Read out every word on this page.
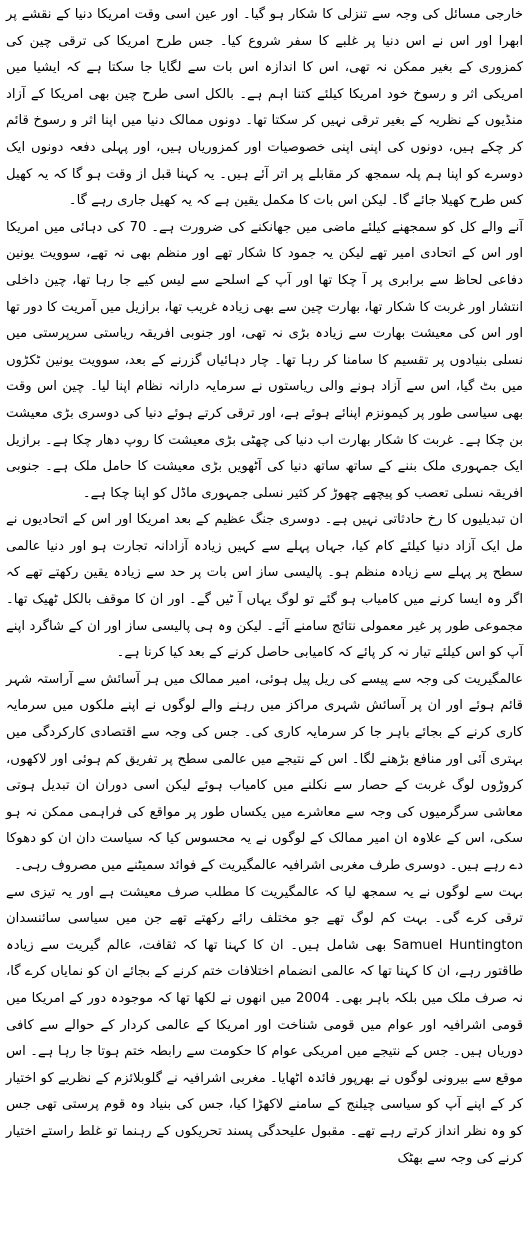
خارجی مسائل کی وجہ سے تنزلی کا شکار ہو گیا۔ اور عین اسی وقت امریکا دنیا کے نقشے پر ابھرا اور اس نے اس دنیا پر غلبے کا سفر شروع کیا۔ جس طرح امریکا کی ترقی چین کی کمزوری کے بغیر ممکن نہ تھی، اس کا اندازہ اس بات سے لگایا جا سکتا ہے کہ ایشیا میں امریکی اثر و رسوخ خود امریکا کیلئے کتنا اہم ہے۔ بالکل اسی طرح چین بھی امریکا کے آزاد منڈیوں کے نظریہ کے بغیر ترقی نہیں کر سکتا تھا۔ دونوں ممالک دنیا میں اپنا اثر و رسوخ قائم کر چکے ہیں، دونوں کی اپنی اپنی خصوصیات اور کمزوریاں ہیں، اور پہلی دفعہ دونوں ایک دوسرے کو اپنا ہم پلہ سمجھ کر مقابلے پر اتر آئے ہیں۔ یہ کہنا قبل از وقت ہو گا کہ یہ کھیل کس طرح کھیلا جائے گا۔ لیکن اس بات کا مکمل یقین ہے کہ یہ کھیل جاری رہے گا۔

آنے والے کل کو سمجھنے کیلئے ماضی میں جھانکنے کی ضرورت ہے۔ 70 کی دہائی میں امریکا اور اس کے اتحادی امیر تھے لیکن یہ جمود کا شکار تھے اور منظم بھی نہ تھے، سوویت یونین دفاعی لحاظ سے برابری پر آ چکا تھا اور آپ کے اسلحے سے لیس کیے جا رہا تھا، چین داخلی انتشار اور غربت کا شکار تھا، بھارت چین سے بھی زیادہ غریب تھا، برازیل میں آمریت کا دور تھا اور اس کی معیشت بھارت سے زیادہ بڑی نہ تھی، اور جنوبی افریقہ ریاستی سرپرستی میں نسلی بنیادوں پر تقسیم کا سامنا کر رہا تھا۔ چار دہائیاں گزرنے کے بعد، سوویت یونین ٹکڑوں میں بٹ گیا، اس سے آزاد ہونے والی ریاستوں نے سرمایہ دارانہ نظام اپنا لیا۔ چین اس وقت بھی سیاسی طور پر کیمونزم اپنائے ہوئے ہے، اور ترقی کرتے ہوئے دنیا کی دوسری بڑی معیشت بن چکا ہے۔ غربت کا شکار بھارت اب دنیا کی چھٹی بڑی معیشت کا روپ دھار چکا ہے۔ برازیل ایک جمہوری ملک بننے کے ساتھ ساتھ دنیا کی آٹھویں بڑی معیشت کا حامل ملک ہے۔ جنوبی افریقہ نسلی تعصب کو پیچھے چھوڑ کر کثیر نسلی جمہوری ماڈل کو اپنا چکا ہے۔

ان تبدیلیوں کا رخ حادثاتی نہیں ہے۔ دوسری جنگ عظیم کے بعد امریکا اور اس کے اتحادیوں نے مل ایک آزاد دنیا کیلئے کام کیا، جہاں پہلے سے کہیں زیادہ آزادانہ تجارت ہو اور دنیا عالمی سطح پر پہلے سے زیادہ منظم ہو۔ پالیسی ساز اس بات پر حد سے زیادہ یقین رکھتے تھے کہ اگر وہ ایسا کرنے میں کامیاب ہو گئے تو لوگ یہاں آ ٹیں گے۔ اور ان کا موقف بالکل ٹھیک تھا۔ مجموعی طور پر غیر معمولی نتائج سامنے آئے۔ لیکن وہ ہی پالیسی ساز اور ان کے شاگرد اپنے آپ کو اس کیلئے تیار نہ کر پائے کہ کامیابی حاصل کرنے کے بعد کیا کرنا ہے۔

عالمگیریت کی وجہ سے پیسے کی ریل پیل ہوئی، امیر ممالک میں ہر آسائش سے آراستہ شہر قائم ہوئے اور ان پر آسائش شہری مراکز میں رہنے والے لوگوں نے اپنے ملکوں میں سرمایہ کاری کرنے کے بجائے باہر جا کر سرمایہ کاری کی۔ جس کی وجہ سے اقتصادی کارکردگی میں بہتری آئی اور منافع بڑھنے لگا۔ اس کے نتیجے میں عالمی سطح پر تفریق کم ہوئی اور لاکھوں، کروڑوں لوگ غربت کے حصار سے نکلنے میں کامیاب ہوئے لیکن اسی دوران ان تبدیل ہوتی معاشی سرگرمیوں کی وجہ سے معاشرے میں یکساں طور پر مواقع کی فراہمی ممکن نہ ہو سکی، اس کے علاوہ ان امیر ممالک کے لوگوں نے یہ محسوس کیا کہ سیاست دان ان کو دھوکا دے رہے ہیں۔ دوسری طرف مغربی اشرافیہ عالمگیریت کے فوائد سمیٹنے میں مصروف رہی۔

بہت سے لوگوں نے یہ سمجھ لیا کہ عالمگیریت کا مطلب صرف معیشت ہے اور یہ تیزی سے ترقی کرے گی۔ بہت کم لوگ تھے جو مختلف رائے رکھتے تھے جن میں سیاسی سائنسدان Samuel Huntington بھی شامل ہیں۔ ان کا کہنا تھا کہ ثقافت، عالم گیریت سے زیادہ طاقتور رہے، ان کا کہنا تھا کہ عالمی انضمام اختلافات ختم کرنے کے بجائے ان کو نمایاں کرے گا، نہ صرف ملک میں بلکہ باہر بھی۔ 2004 میں انھوں نے لکھا تھا کہ موجودہ دور کے امریکا میں قومی اشرافیہ اور عوام میں قومی شناخت اور امریکا کے عالمی کردار کے حوالے سے کافی دوریاں ہیں۔ جس کے نتیجے میں امریکی عوام کا حکومت سے رابطہ ختم ہوتا جا رہا ہے۔ اس موقع سے بیرونی لوگوں نے بھرپور فائدہ اٹھایا۔ مغربی اشرافیہ نے گلوبلائزم کے نظریے کو اختیار کر کے اپنے آپ کو سیاسی چیلنج کے سامنے لاکھڑا کیا، جس کی بنیاد وہ قوم پرستی تھی جس کو وہ نظر انداز کرتے رہے تھے۔ مقبول علیحدگی پسند تحریکوں کے رہنما تو غلط راستے اختیار کرنے کی وجہ سے بھٹک
